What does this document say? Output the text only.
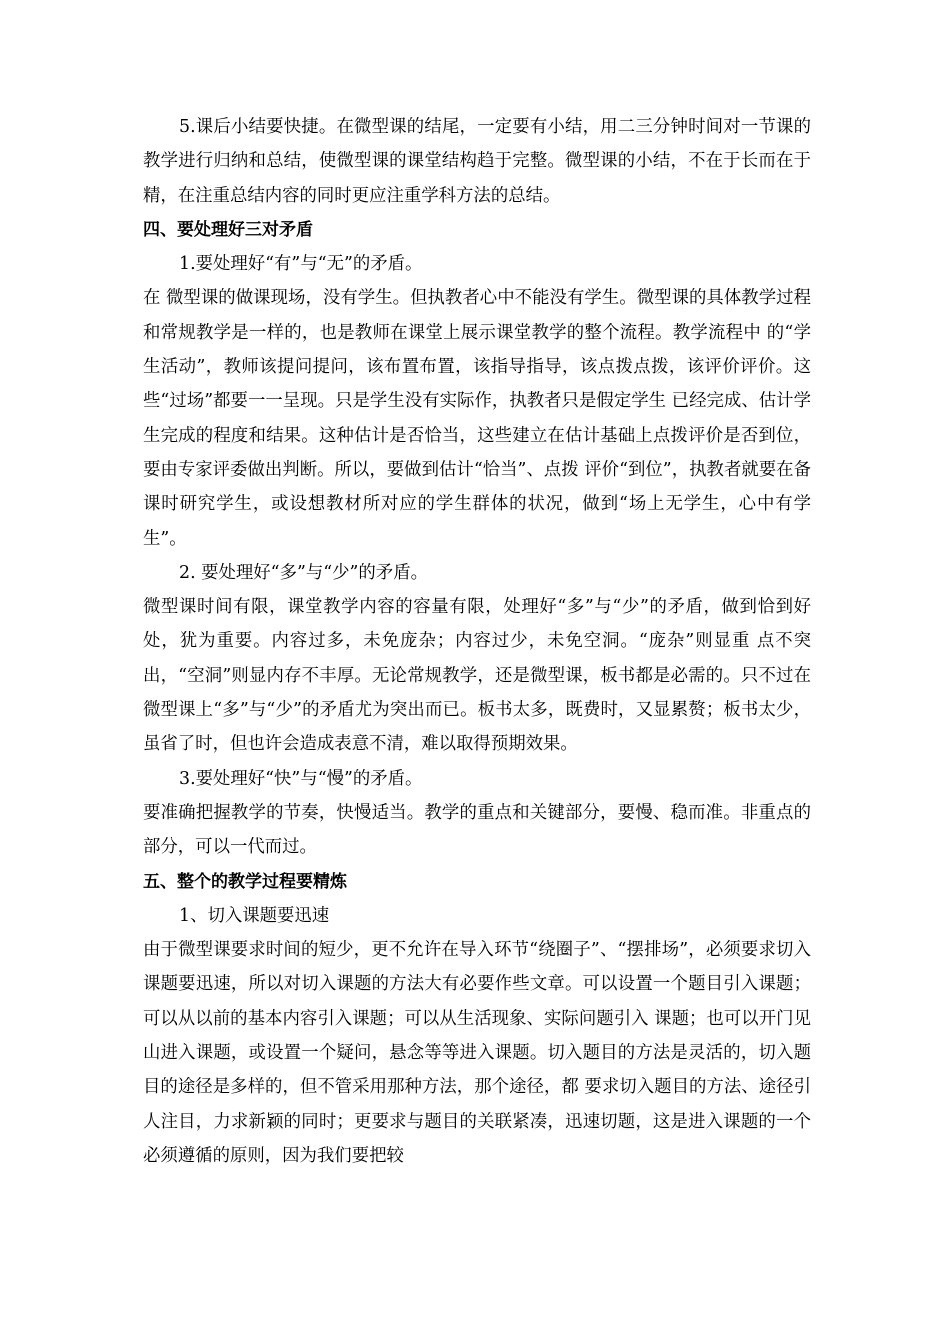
5.课后小结要快捷。在微型课的结尾，一定要有小结，用二三分钟时间对一节课的教学进行归纳和总结，使微型课的课堂结构趋于完整。微型课的小结，不在于长而在于精，在注重总结内容的同时更应注重学科方法的总结。

四、要处理好三对矛盾

1.要处理好“有”与“无”的矛盾。

在 微型课的做课现场，没有学生。但执教者心中不能没有学生。微型课的具体教学过程和常规教学是一样的，也是教师在课堂上展示课堂教学的整个流程。教学流程中 的“学生活动”，教师该提问提问，该布置布置，该指导指导，该点拨点拨，该评价评价。这些“过场”都要一一呈现。只是学生没有实际作，执教者只是假定学生 已经完成、估计学生完成的程度和结果。这种估计是否恰当，这些建立在估计基础上点拨评价是否到位，要由专家评委做出判断。所以，要做到估计“恰当”、点拨 评价“到位”，执教者就要在备课时研究学生，或设想教材所对应的学生群体的状况，做到“场上无学生，心中有学生”。

2. 要处理好“多”与“少”的矛盾。

微型课时间有限，课堂教学内容的容量有限，处理好“多”与“少”的矛盾，做到恰到好处，犹为重要。内容过多，未免庞杂；内容过少，未免空洞。“庞杂”则显重 点不突出，“空洞”则显内存不丰厚。无论常规教学，还是微型课，板书都是必需的。只不过在微型课上“多”与“少”的矛盾尤为突出而已。板书太多，既费时，又显累赘；板书太少，虽省了时，但也许会造成表意不清，难以取得预期效果。

3.要处理好“快”与“慢”的矛盾。

要准确把握教学的节奏，快慢适当。教学的重点和关键部分，要慢、稳而准。非重点的部分，可以一代而过。

五、整个的教学过程要精炼

1、切入课题要迅速

由于微型课要求时间的短少，更不允许在导入环节“绕圈子”、“摆排场”，必须要求切入课题要迅速，所以对切入课题的方法大有必要作些文章。可以设置一个题目引入课题；可以从以前的基本内容引入课题；可以从生活现象、实际问题引入 课题；也可以开门见山进入课题，或设置一个疑问，悬念等等进入课题。切入题目的方法是灵活的，切入题目的途径是多样的，但不管采用那种方法，那个途径，都 要求切入题目的方法、途径引人注目，力求新颖的同时；更要求与题目的关联紧凑，迅速切题，这是进入课题的一个必须遵循的原则，因为我们要把较
